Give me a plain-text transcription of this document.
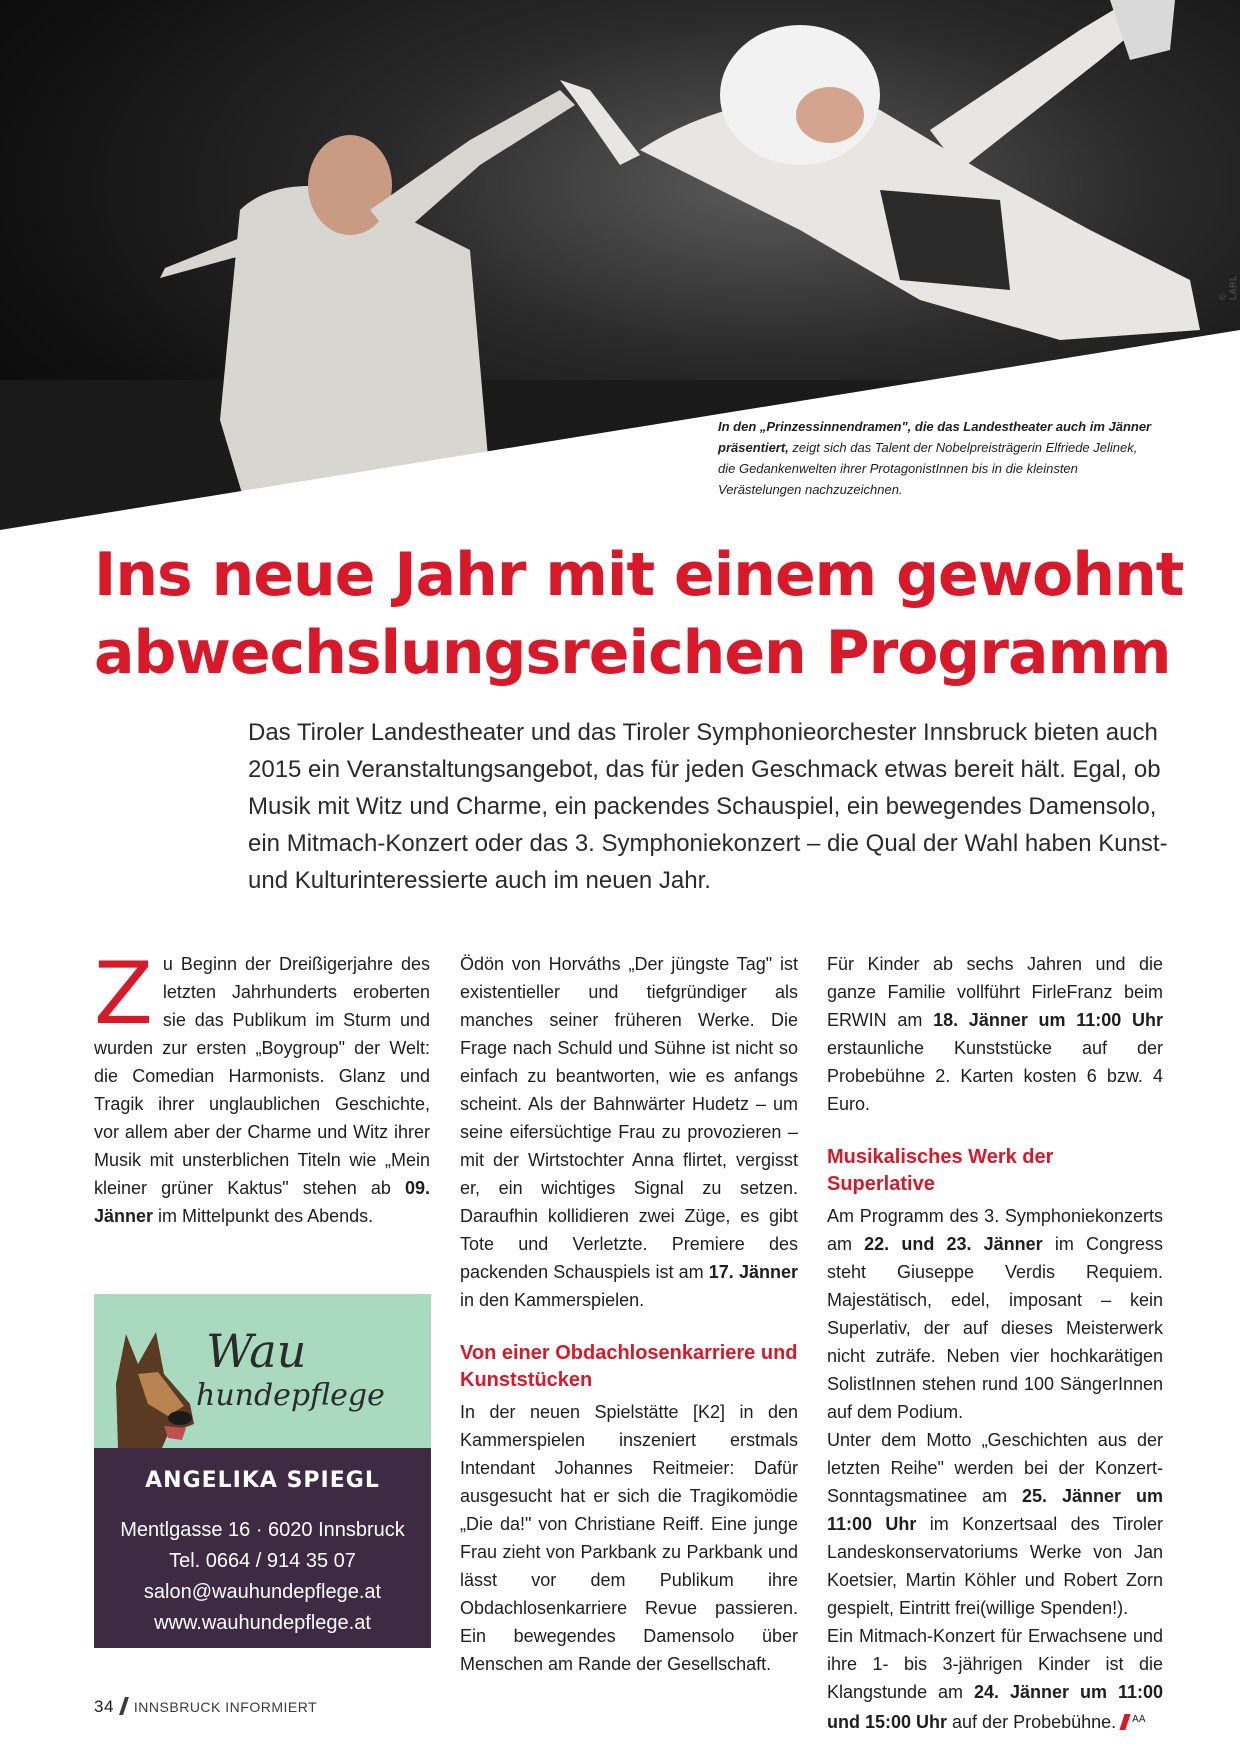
© LARL
In den „Prinzessinnendramen", die das Landestheater auch im Jänner präsentiert, zeigt sich das Talent der Nobelpreisträgerin Elfriede Jelinek, die Gedankenwelten ihrer ProtagonistInnen bis in die kleinsten Verästelungen nachzuzeichnen.
Ins neue Jahr mit einem gewohnt
abwechslungsreichen Programm
Das Tiroler Landestheater und das Tiroler Symphonieorchester Innsbruck bieten auch 2015 ein Veranstaltungsangebot, das für jeden Geschmack etwas bereit hält. Egal, ob Musik mit Witz und Charme, ein packendes Schauspiel, ein bewegendes Damensolo, ein Mitmach-Konzert oder das 3. Symphoniekonzert – die Qual der Wahl haben Kunst- und Kulturinteressierte auch im neuen Jahr.

Zu Beginn der Dreißigerjahre des letzten Jahrhunderts eroberten sie das Publikum im Sturm und wurden zur ersten „Boygroup" der Welt: die Comedian Harmonists. Glanz und Tragik ihrer unglaublichen Geschichte, vor allem aber der Charme und Witz ihrer Musik mit unsterblichen Titeln wie „Mein kleiner grüner Kaktus" stehen ab 09. Jänner im Mittelpunkt des Abends.

Wau
hundepflege
ANGELIKA SPIEGL
Mentlgasse 16 · 6020 Innsbruck
Tel. 0664 / 914 35 07
salon@wauhundepflege.at
www.wauhundepflege.at

Ödön von Horváths „Der jüngste Tag" ist existentieller und tiefgründiger als manches seiner früheren Werke. Die Frage nach Schuld und Sühne ist nicht so einfach zu beantworten, wie es anfangs scheint. Als der Bahnwärter Hudetz – um seine eifersüchtige Frau zu provozieren – mit der Wirtstochter Anna flirtet, vergisst er, ein wichtiges Signal zu setzen. Daraufhin kollidieren zwei Züge, es gibt Tote und Verletzte. Premiere des packenden Schauspiels ist am 17. Jänner in den Kammerspielen.

Von einer Obdachlosenkarriere und Kunststücken

In der neuen Spielstätte [K2] in den Kammerspielen inszeniert erstmals Intendant Johannes Reitmeier: Dafür ausgesucht hat er sich die Tragikomödie „Die da!" von Christiane Reiff. Eine junge Frau zieht von Parkbank zu Parkbank und lässt vor dem Publikum ihre Obdachlosenkarriere Revue passieren. Ein bewegendes Damensolo über Menschen am Rande der Gesellschaft.

Für Kinder ab sechs Jahren und die ganze Familie vollführt FirleFranz beim ERWIN am 18. Jänner um 11:00 Uhr erstaunliche Kunststücke auf der Probebühne 2. Karten kosten 6 bzw. 4 Euro.

Musikalisches Werk der Superlative

Am Programm des 3. Symphoniekonzerts am 22. und 23. Jänner im Congress steht Giuseppe Verdis Requiem. Majestätisch, edel, imposant – kein Superlativ, der auf dieses Meisterwerk nicht zuträfe. Neben vier hochkarätigen SolistInnen stehen rund 100 SängerInnen auf dem Podium.

Unter dem Motto „Geschichten aus der letzten Reihe" werden bei der Konzert-Sonntagsmatinee am 25. Jänner um 11:00 Uhr im Konzertsaal des Tiroler Landeskonservatoriums Werke von Jan Koetsier, Martin Köhler und Robert Zorn gespielt, Eintritt frei(willige Spenden!).

Ein Mitmach-Konzert für Erwachsene und ihre 1- bis 3-jährigen Kinder ist die Klangstunde am 24. Jänner um 11:00 und 15:00 Uhr auf der Probebühne. $^{AA}$

34 INNSBRUCK INFORMIERT
